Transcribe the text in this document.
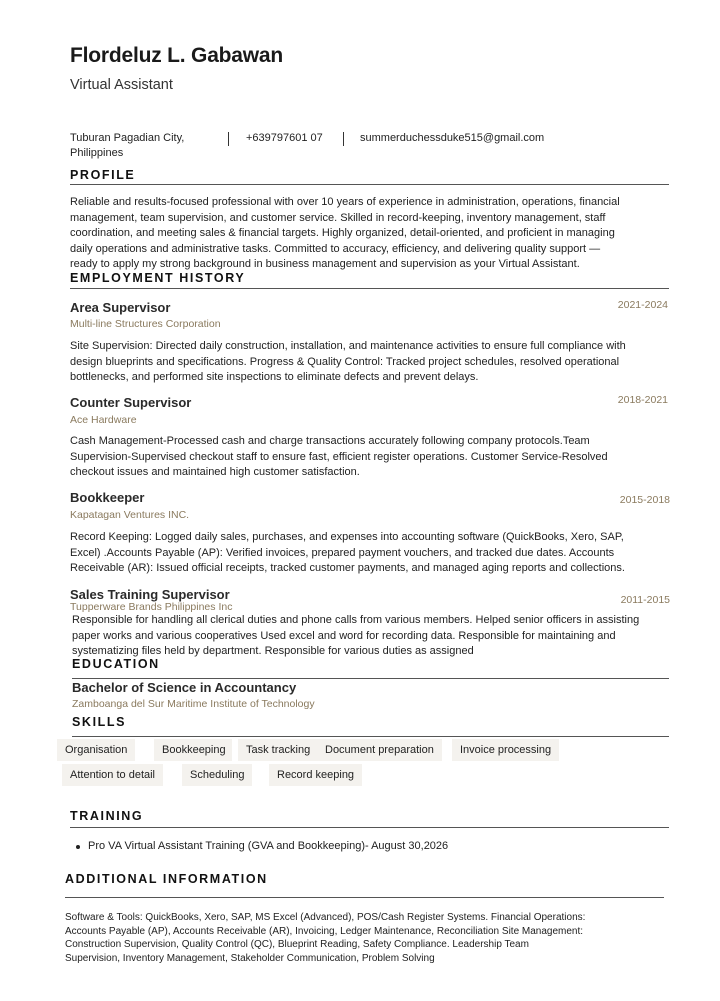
Flordeluz L. Gabawan
Virtual Assistant
Tuburan Pagadian City,
Philippines
+639797601 07	summerduchessduke515@gmail.com
PROFILE
Reliable and results-focused professional with over 10 years of experience in administration, operations, financial
management, team supervision, and customer service. Skilled in record-keeping, inventory management, staff
coordination, and meeting sales & financial targets. Highly organized, detail-oriented, and proficient in managing
daily operations and administrative tasks. Committed to accuracy, efficiency, and delivering quality support —
ready to apply my strong background in business management and supervision as your Virtual Assistant.
EMPLOYMENT HISTORY
Area Supervisor	2021-2024
Multi-line Structures Corporation
Site Supervision: Directed daily construction, installation, and maintenance activities to ensure full compliance with
design blueprints and specifications. Progress & Quality Control: Tracked project schedules, resolved operational
bottlenecks, and performed site inspections to eliminate defects and prevent delays.
Counter Supervisor	2018-2021
Ace Hardware
Cash Management-Processed cash and charge transactions accurately following company protocols.Team
Supervision-Supervised checkout staff to ensure fast, efficient register operations. Customer Service-Resolved
checkout issues and maintained high customer satisfaction.
Bookkeeper	2015-2018
Kapatagan Ventures INC.
Record Keeping: Logged daily sales, purchases, and expenses into accounting software (QuickBooks, Xero, SAP,
Excel) .Accounts Payable (AP): Verified invoices, prepared payment vouchers, and tracked due dates. Accounts
Receivable (AR): Issued official receipts, tracked customer payments, and managed aging reports and collections.
Sales Training Supervisor	2011-2015
Tupperware Brands Philippines Inc
Responsible for handling all clerical duties and phone calls from various members. Helped senior officers in assisting
paper works and various cooperatives Used excel and word for recording data. Responsible for maintaining and
systematizing files held by department. Responsible for various duties as assigned
EDUCATION
Bachelor of Science in Accountancy
Zamboanga del Sur Maritime Institute of Technology
SKILLS
Organisation	Bookkeeping	Task tracking	Document preparation	Invoice processing
Attention to detail	Scheduling	Record keeping
TRAINING
Pro VA Virtual Assistant Training (GVA and Bookkeeping)- August 30,2026
ADDITIONAL INFORMATION
Software & Tools: QuickBooks, Xero, SAP, MS Excel (Advanced), POS/Cash Register Systems. Financial Operations:
Accounts Payable (AP), Accounts Receivable (AR), Invoicing, Ledger Maintenance, Reconciliation Site Management:
Construction Supervision, Quality Control (QC), Blueprint Reading, Safety Compliance. Leadership Team
Supervision, Inventory Management, Stakeholder Communication, Problem Solving
